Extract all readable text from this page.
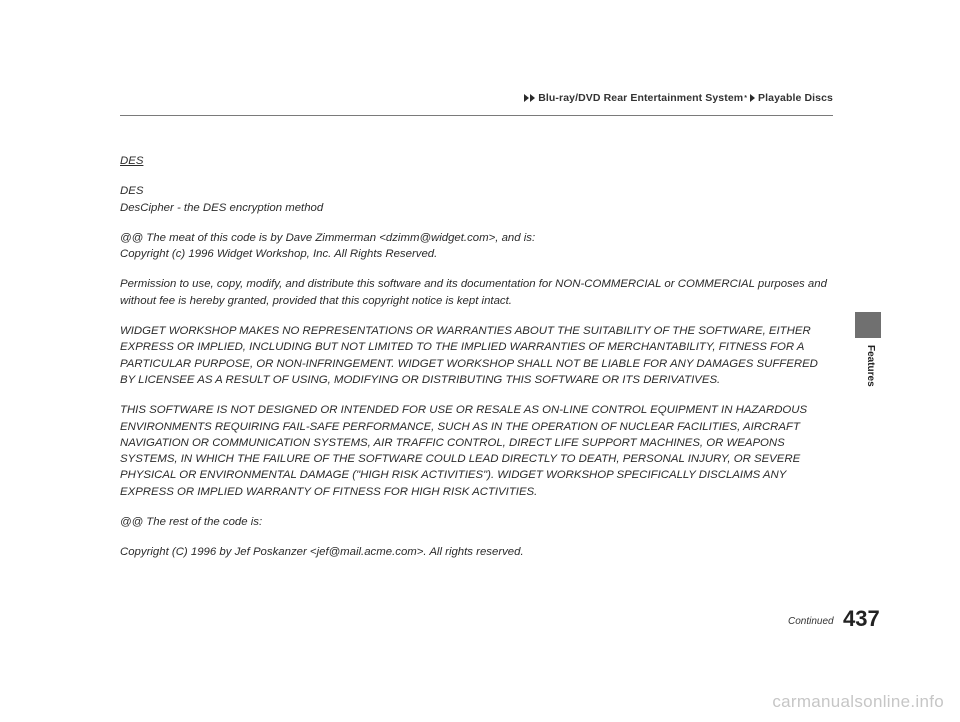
Blu-ray/DVD Rear Entertainment System * Playable Discs
Features

DES

DES

DesCipher - the DES encryption method

@@ The meat of this code is by Dave Zimmerman <dzimm@widget.com>, and is:

Copyright (c) 1996 Widget Workshop, Inc. All Rights Reserved.

Permission to use, copy, modify, and distribute this software and its documentation for NON-COMMERCIAL or COMMERCIAL purposes and without fee is hereby granted, provided that this copyright notice is kept intact.

WIDGET WORKSHOP MAKES NO REPRESENTATIONS OR WARRANTIES ABOUT THE SUITABILITY OF THE SOFTWARE, EITHER EXPRESS OR IMPLIED, INCLUDING BUT NOT LIMITED TO THE IMPLIED WARRANTIES OF MERCHANTABILITY, FITNESS FOR A PARTICULAR PURPOSE, OR NON-INFRINGEMENT. WIDGET WORKSHOP SHALL NOT BE LIABLE FOR ANY DAMAGES SUFFERED BY LICENSEE AS A RESULT OF USING, MODIFYING OR DISTRIBUTING THIS SOFTWARE OR ITS DERIVATIVES.

THIS SOFTWARE IS NOT DESIGNED OR INTENDED FOR USE OR RESALE AS ON-LINE CONTROL EQUIPMENT IN HAZARDOUS ENVIRONMENTS REQUIRING FAIL-SAFE PERFORMANCE, SUCH AS IN THE OPERATION OF NUCLEAR FACILITIES, AIRCRAFT NAVIGATION OR COMMUNICATION SYSTEMS, AIR TRAFFIC CONTROL, DIRECT LIFE SUPPORT MACHINES, OR WEAPONS SYSTEMS, IN WHICH THE FAILURE OF THE SOFTWARE COULD LEAD DIRECTLY TO DEATH, PERSONAL INJURY, OR SEVERE PHYSICAL OR ENVIRONMENTAL DAMAGE ("HIGH RISK ACTIVITIES"). WIDGET WORKSHOP SPECIFICALLY DISCLAIMS ANY EXPRESS OR IMPLIED WARRANTY OF FITNESS FOR HIGH RISK ACTIVITIES.

@@ The rest of the code is:

Copyright (C) 1996 by Jef Poskanzer <jef@mail.acme.com>. All rights reserved.

Continued 437
carmanualsonline.info
